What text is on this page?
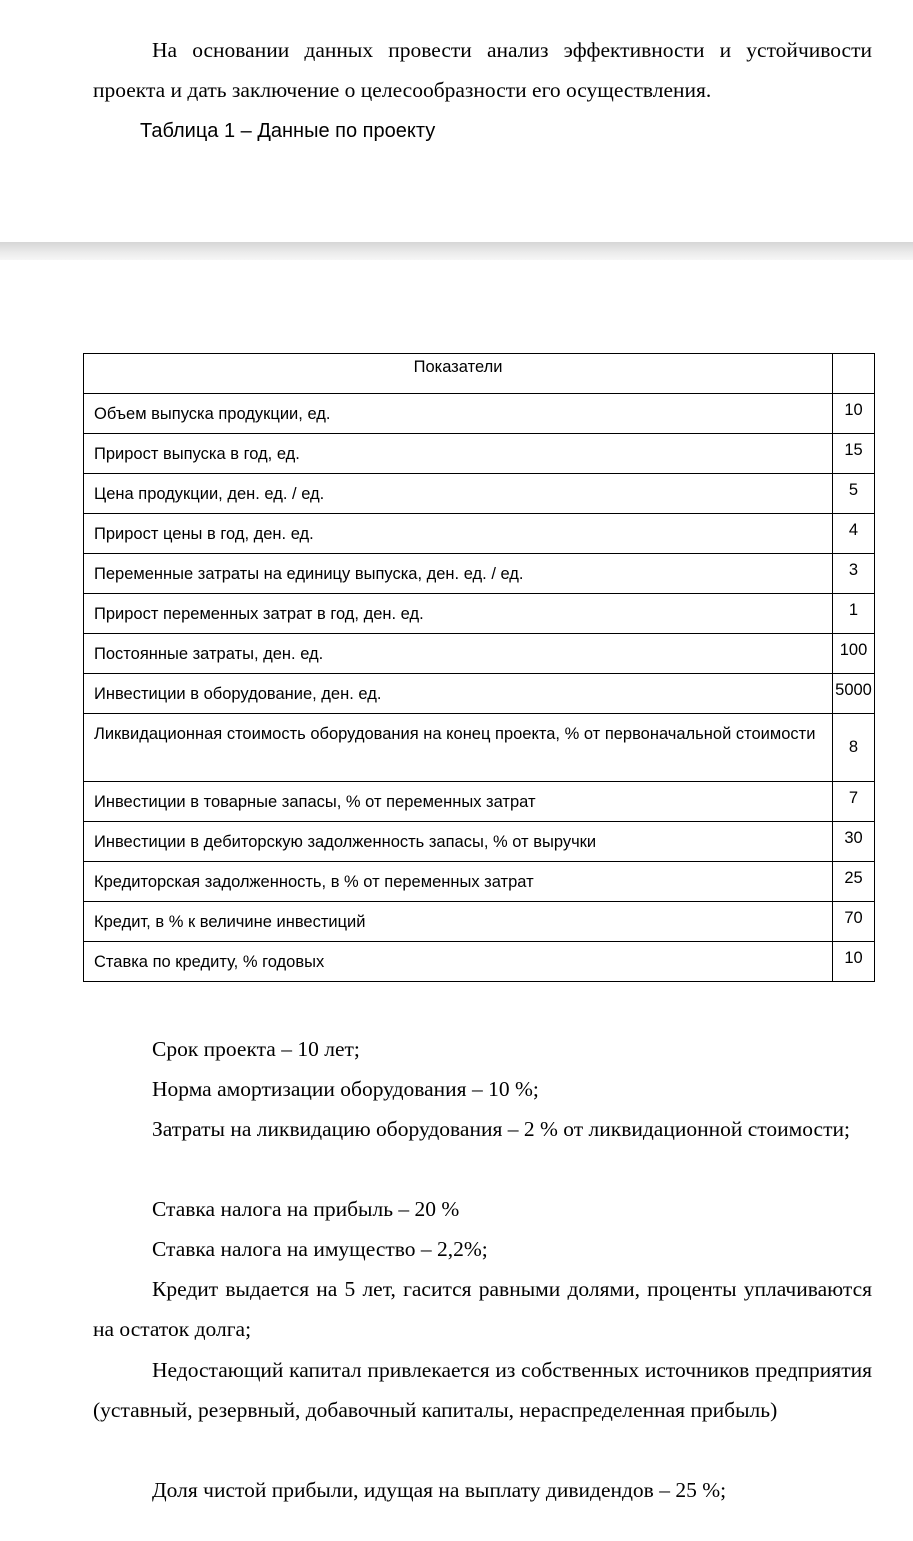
На основании данных провести анализ эффективности и устойчивости проекта и дать заключение о целесообразности его осуществления.

Таблица 1 – Данные по проекту

Показатели	
Объем выпуска продукции, ед.	10
Прирост выпуска в год, ед.	15
Цена продукции, ден. ед. / ед.	5
Прирост цены в год, ден. ед.	4
Переменные затраты на единицу выпуска, ден. ед. / ед.	3
Прирост переменных затрат в год, ден. ед.	1
Постоянные затраты, ден. ед.	100
Инвестиции в оборудование, ден. ед.	5000
Ликвидационная стоимость оборудования на конец проекта, % от первоначальной стоимости	8
Инвестиции в товарные запасы, % от переменных затрат	7
Инвестиции в дебиторскую задолженность запасы, % от выручки	30
Кредиторская задолженность, в % от переменных затрат	25
Кредит, в % к величине инвестиций	70
Ставка по кредиту, % годовых	10

Срок проекта – 10 лет;

Норма амортизации оборудования – 10 %;

Затраты на ликвидацию оборудования – 2 % от ликвидационной стоимости;

Ставка налога на прибыль – 20 %

Ставка налога на имущество – 2,2%;

Кредит выдается на 5 лет, гасится равными долями, проценты уплачиваются на остаток долга;

Недостающий капитал привлекается из собственных источников предприятия (уставный, резервный, добавочный капиталы, нераспределенная прибыль)

Доля чистой прибыли, идущая на выплату дивидендов – 25 %;
